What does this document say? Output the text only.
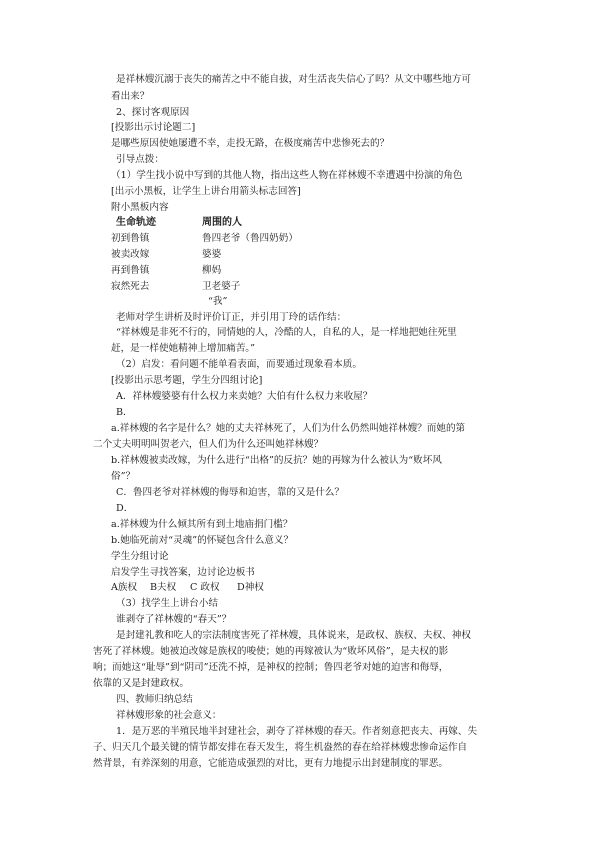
是祥林嫂沉溺于丧失的痛苦之中不能自拔，对生活丧失信心了吗？从文中哪些地方可
看出来？
2、探讨客观原因
[投影出示讨论题二]
是哪些原因使她屡遭不幸，走投无路，在极度痛苦中悲惨死去的？
引导点拨：
（1）学生找小说中写到的其他人物，指出这些人物在祥林嫂不幸遭遇中扮演的角色
[出示小黑板，让学生上讲台用箭头标志回答]
附小黑板内容
生命轨迹	周围的人
初到鲁镇	鲁四老爷（鲁四奶奶）
被卖改嫁	婆婆
再到鲁镇	柳妈
寂然死去	卫老婆子
“我”
老师对学生讲析及时评价订正，并引用丁玲的话作结：
“祥林嫂是非死不行的，同情她的人，冷酷的人，自私的人，是一样地把她往死里
赶，是一样使她精神上增加痛苦。”
（2）启发：看问题不能单看表面，而要通过现象看本质。
[投影出示思考题，学生分四组讨论]
A．祥林嫂婆婆有什么权力来卖她？大伯有什么权力来收屋？
B．
a.祥林嫂的名字是什么？她的丈夫祥林死了，人们为什么仍然叫她祥林嫂？而她的第
二个丈夫明明叫贺老六，但人们为什么还叫她祥林嫂？
b.祥林嫂被卖改嫁，为什么进行“出格”的反抗？她的再嫁为什么被认为“败坏风
俗”？
C．鲁四老爷对祥林嫂的侮辱和迫害，靠的又是什么？
D．
a.祥林嫂为什么倾其所有到土地庙捐门槛？
b.她临死前对“灵魂”的怀疑包含什么意义？
学生分组讨论
启发学生寻找答案，边讨论边板书
A族权 B夫权 C 政权 D神权
（3）找学生上讲台小结
谁剥夺了祥林嫂的“春天”？
是封建礼教和吃人的宗法制度害死了祥林嫂，具体说来，是政权、族权、夫权、神权
害死了祥林嫂。她被迫改嫁是族权的唆使；她的再嫁被认为“败坏风俗”，是夫权的影
响；而她这“耻辱”到“阴司”还洗不掉，是神权的控制；鲁四老爷对她的迫害和侮辱，
依靠的又是封建政权。
四、教师归纳总结
祥林嫂形象的社会意义：
1．是万恶的半殖民地半封建社会，剥夺了祥林嫂的春天。作者刻意把丧夫、再嫁、失
子、归天几个最关键的情节都安排在春天发生，将生机盎然的春在给祥林嫂悲惨命运作自
然背景，有养深刻的用意，它能造成强烈的对比，更有力地提示出封建制度的罪恶。
